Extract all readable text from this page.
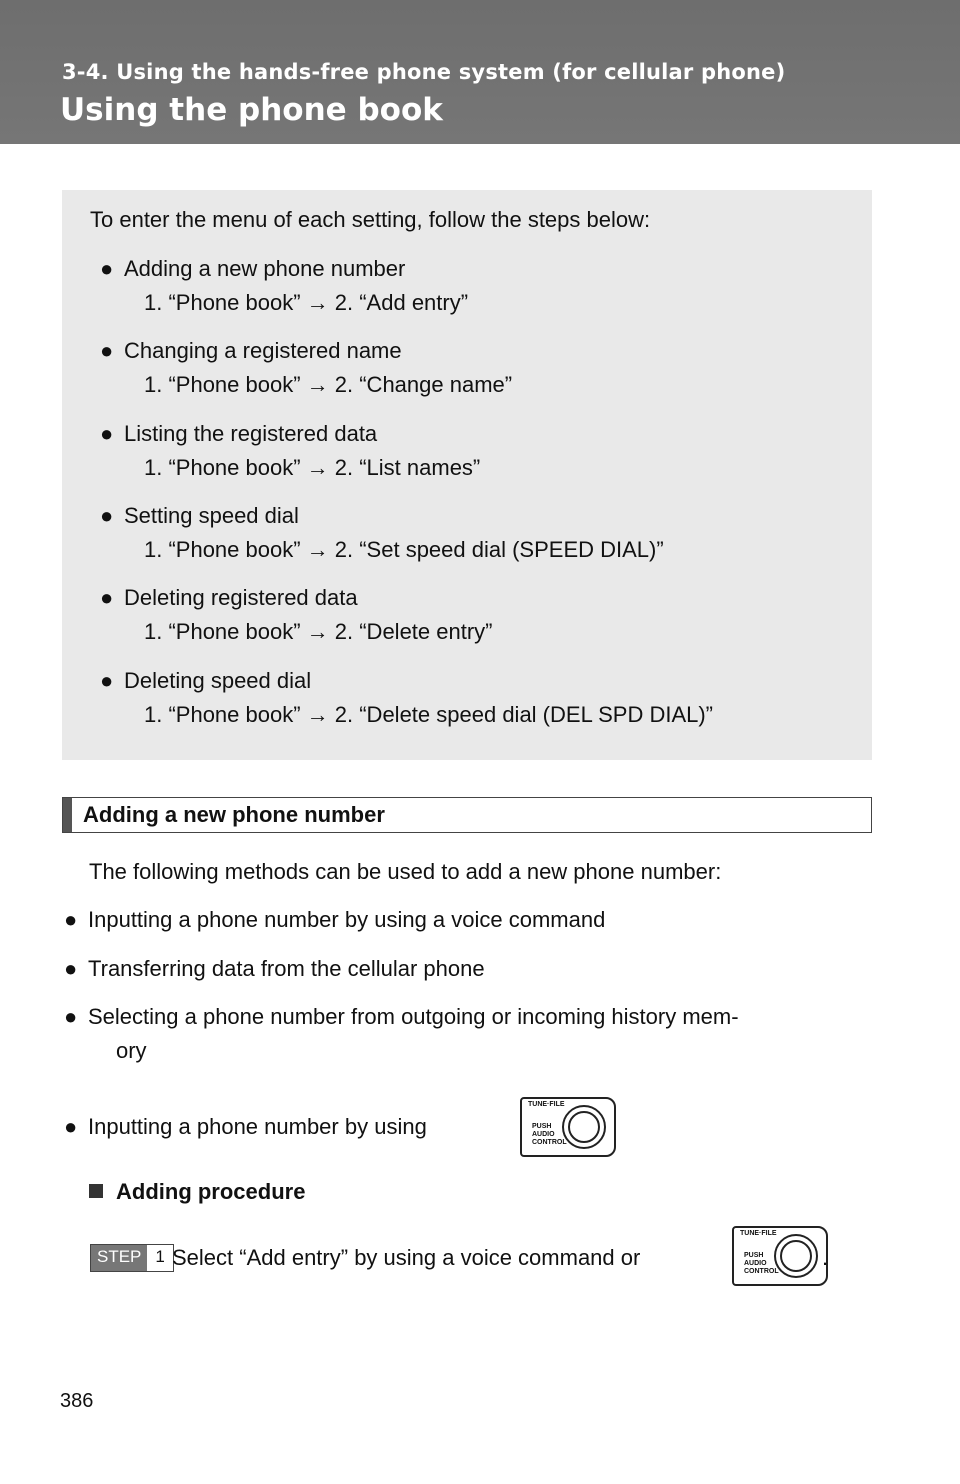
3-4. Using the hands-free phone system (for cellular phone)
Using the phone book
To enter the menu of each setting, follow the steps below:
●Adding a new phone number
1. “Phone book” → 2. “Add entry”
●Changing a registered name
1. “Phone book” → 2. “Change name”
●Listing the registered data
1. “Phone book” → 2. “List names”
●Setting speed dial
1. “Phone book” → 2. “Set speed dial (SPEED DIAL)”
●Deleting registered data
1. “Phone book” → 2. “Delete entry”
●Deleting speed dial
1. “Phone book” → 2. “Delete speed dial (DEL SPD DIAL)”
Adding a new phone number
The following methods can be used to add a new phone number:
●Inputting a phone number by using a voice command
●Transferring data from the cellular phone
●Selecting a phone number from outgoing or incoming history mem-
ory
●Inputting a phone number by using
TUNE·FILE
PUSH AUDIO CONTROL
Adding procedure
STEP 1 Select “Add entry” by using a voice command or
TUNE·FILE
PUSH AUDIO CONTROL
.
386
